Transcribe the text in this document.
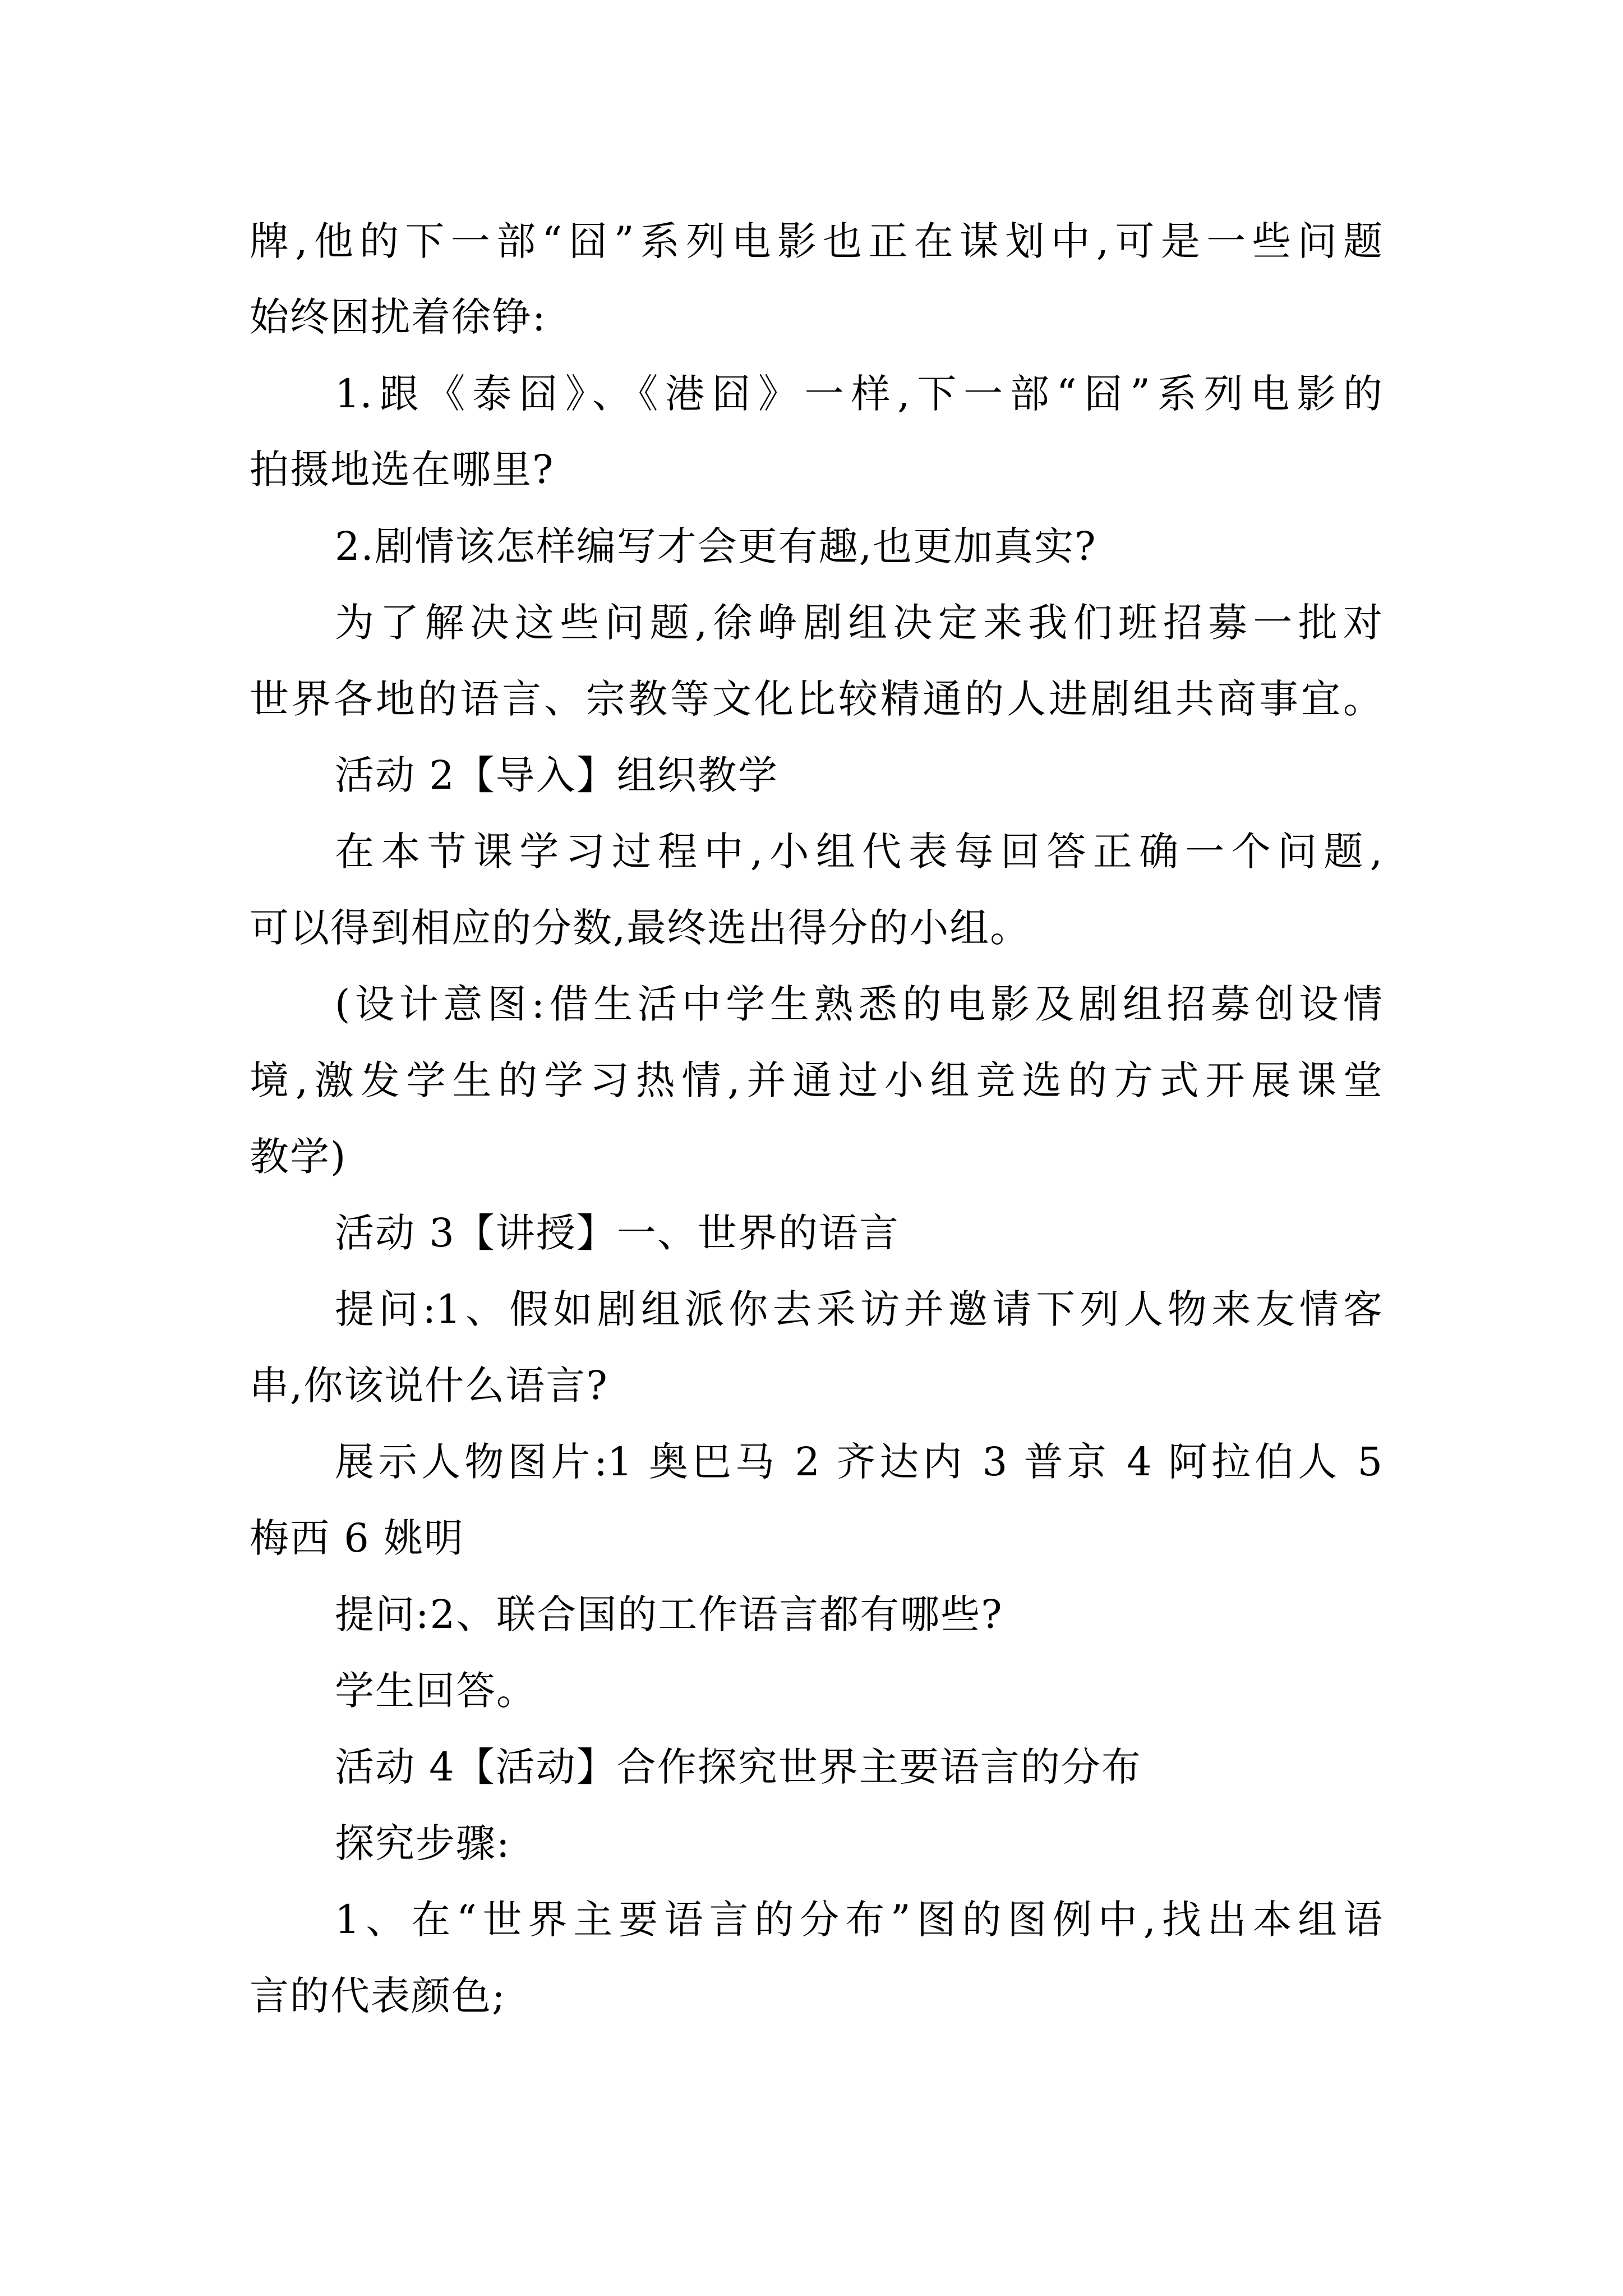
牌,他的下一部“囧”系列电影也正在谋划中,可是一些问题
始终困扰着徐铮:
1.跟《泰囧》、《港囧》一样,下一部“囧”系列电影的
拍摄地选在哪里?
2.剧情该怎样编写才会更有趣,也更加真实?
为了解决这些问题,徐峥剧组决定来我们班招募一批对
世界各地的语言、宗教等文化比较精通的人进剧组共商事宜。
活动 2【导入】组织教学
在本节课学习过程中,小组代表每回答正确一个问题,
可以得到相应的分数,最终选出得分的小组。
(设计意图:借生活中学生熟悉的电影及剧组招募创设情
境,激发学生的学习热情,并通过小组竞选的方式开展课堂
教学)
活动 3【讲授】一、世界的语言
提问:1、假如剧组派你去采访并邀请下列人物来友情客
串,你该说什么语言?
展示人物图片:1 奥巴马 2 齐达内 3 普京 4 阿拉伯人 5
梅西 6 姚明
提问:2、联合国的工作语言都有哪些?
学生回答。
活动 4【活动】合作探究世界主要语言的分布
探究步骤:
1、在“世界主要语言的分布”图的图例中,找出本组语
言的代表颜色;
